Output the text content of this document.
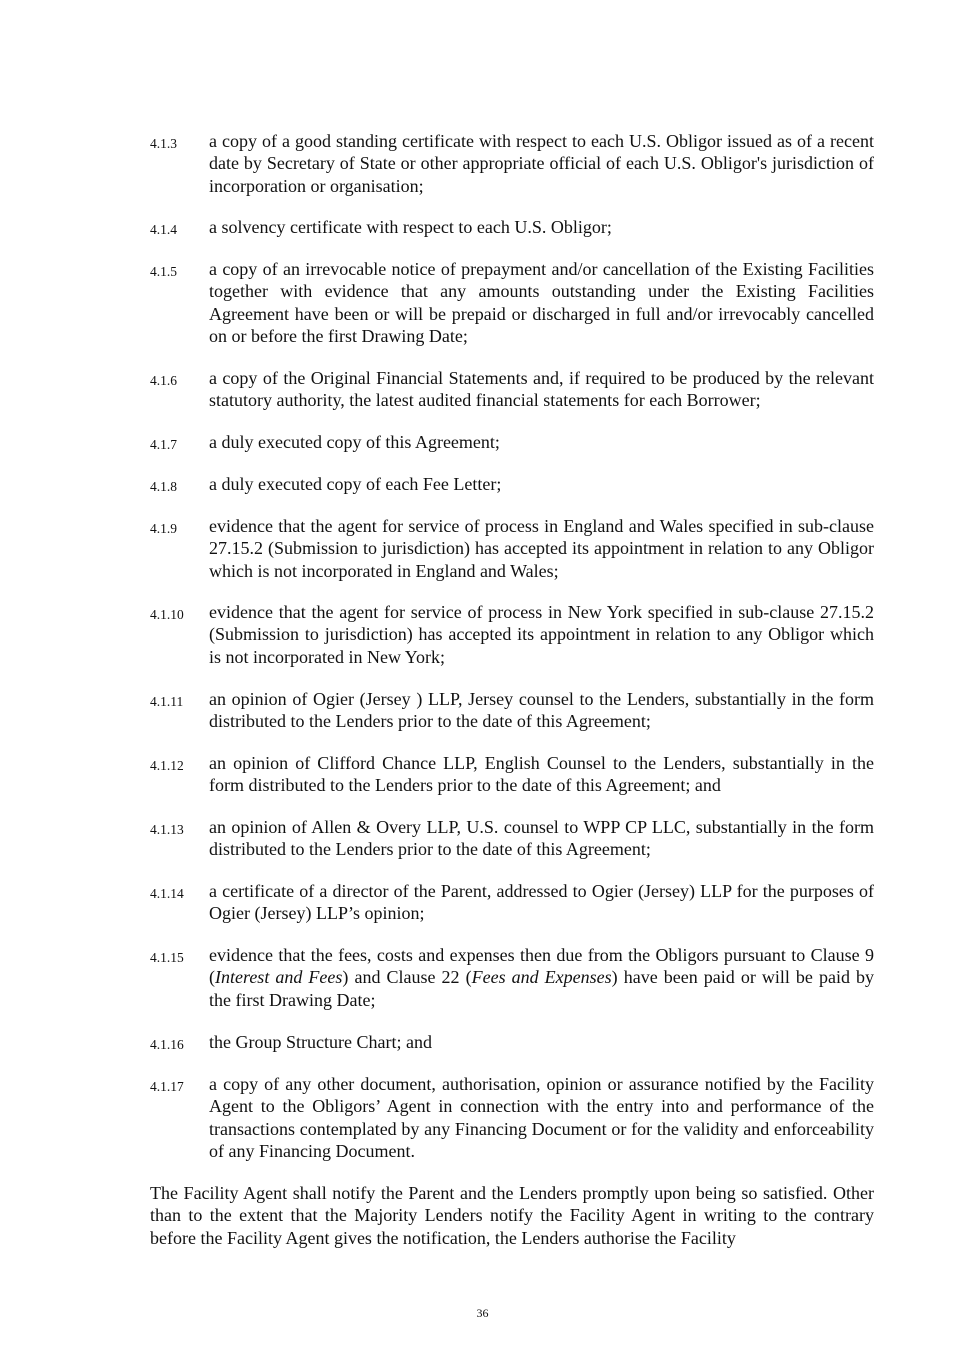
4.1.3 a copy of a good standing certificate with respect to each U.S. Obligor issued as of a recent date by Secretary of State or other appropriate official of each U.S. Obligor's jurisdiction of incorporation or organisation;
4.1.4 a solvency certificate with respect to each U.S. Obligor;
4.1.5 a copy of an irrevocable notice of prepayment and/or cancellation of the Existing Facilities together with evidence that any amounts outstanding under the Existing Facilities Agreement have been or will be prepaid or discharged in full and/or irrevocably cancelled on or before the first Drawing Date;
4.1.6 a copy of the Original Financial Statements and, if required to be produced by the relevant statutory authority, the latest audited financial statements for each Borrower;
4.1.7 a duly executed copy of this Agreement;
4.1.8 a duly executed copy of each Fee Letter;
4.1.9 evidence that the agent for service of process in England and Wales specified in sub-clause 27.15.2 (Submission to jurisdiction) has accepted its appointment in relation to any Obligor which is not incorporated in England and Wales;
4.1.10 evidence that the agent for service of process in New York specified in sub-clause 27.15.2 (Submission to jurisdiction) has accepted its appointment in relation to any Obligor which is not incorporated in New York;
4.1.11 an opinion of Ogier (Jersey ) LLP, Jersey counsel to the Lenders, substantially in the form distributed to the Lenders prior to the date of this Agreement;
4.1.12 an opinion of Clifford Chance LLP, English Counsel to the Lenders, substantially in the form distributed to the Lenders prior to the date of this Agreement; and
4.1.13 an opinion of Allen & Overy LLP, U.S. counsel to WPP CP LLC, substantially in the form distributed to the Lenders prior to the date of this Agreement;
4.1.14 a certificate of a director of the Parent, addressed to Ogier (Jersey) LLP for the purposes of Ogier (Jersey) LLP’s opinion;
4.1.15 evidence that the fees, costs and expenses then due from the Obligors pursuant to Clause 9 (Interest and Fees) and Clause 22 (Fees and Expenses) have been paid or will be paid by the first Drawing Date;
4.1.16 the Group Structure Chart; and
4.1.17 a copy of any other document, authorisation, opinion or assurance notified by the Facility Agent to the Obligors’ Agent in connection with the entry into and performance of the transactions contemplated by any Financing Document or for the validity and enforceability of any Financing Document.
The Facility Agent shall notify the Parent and the Lenders promptly upon being so satisfied. Other than to the extent that the Majority Lenders notify the Facility Agent in writing to the contrary before the Facility Agent gives the notification, the Lenders authorise the Facility
36
